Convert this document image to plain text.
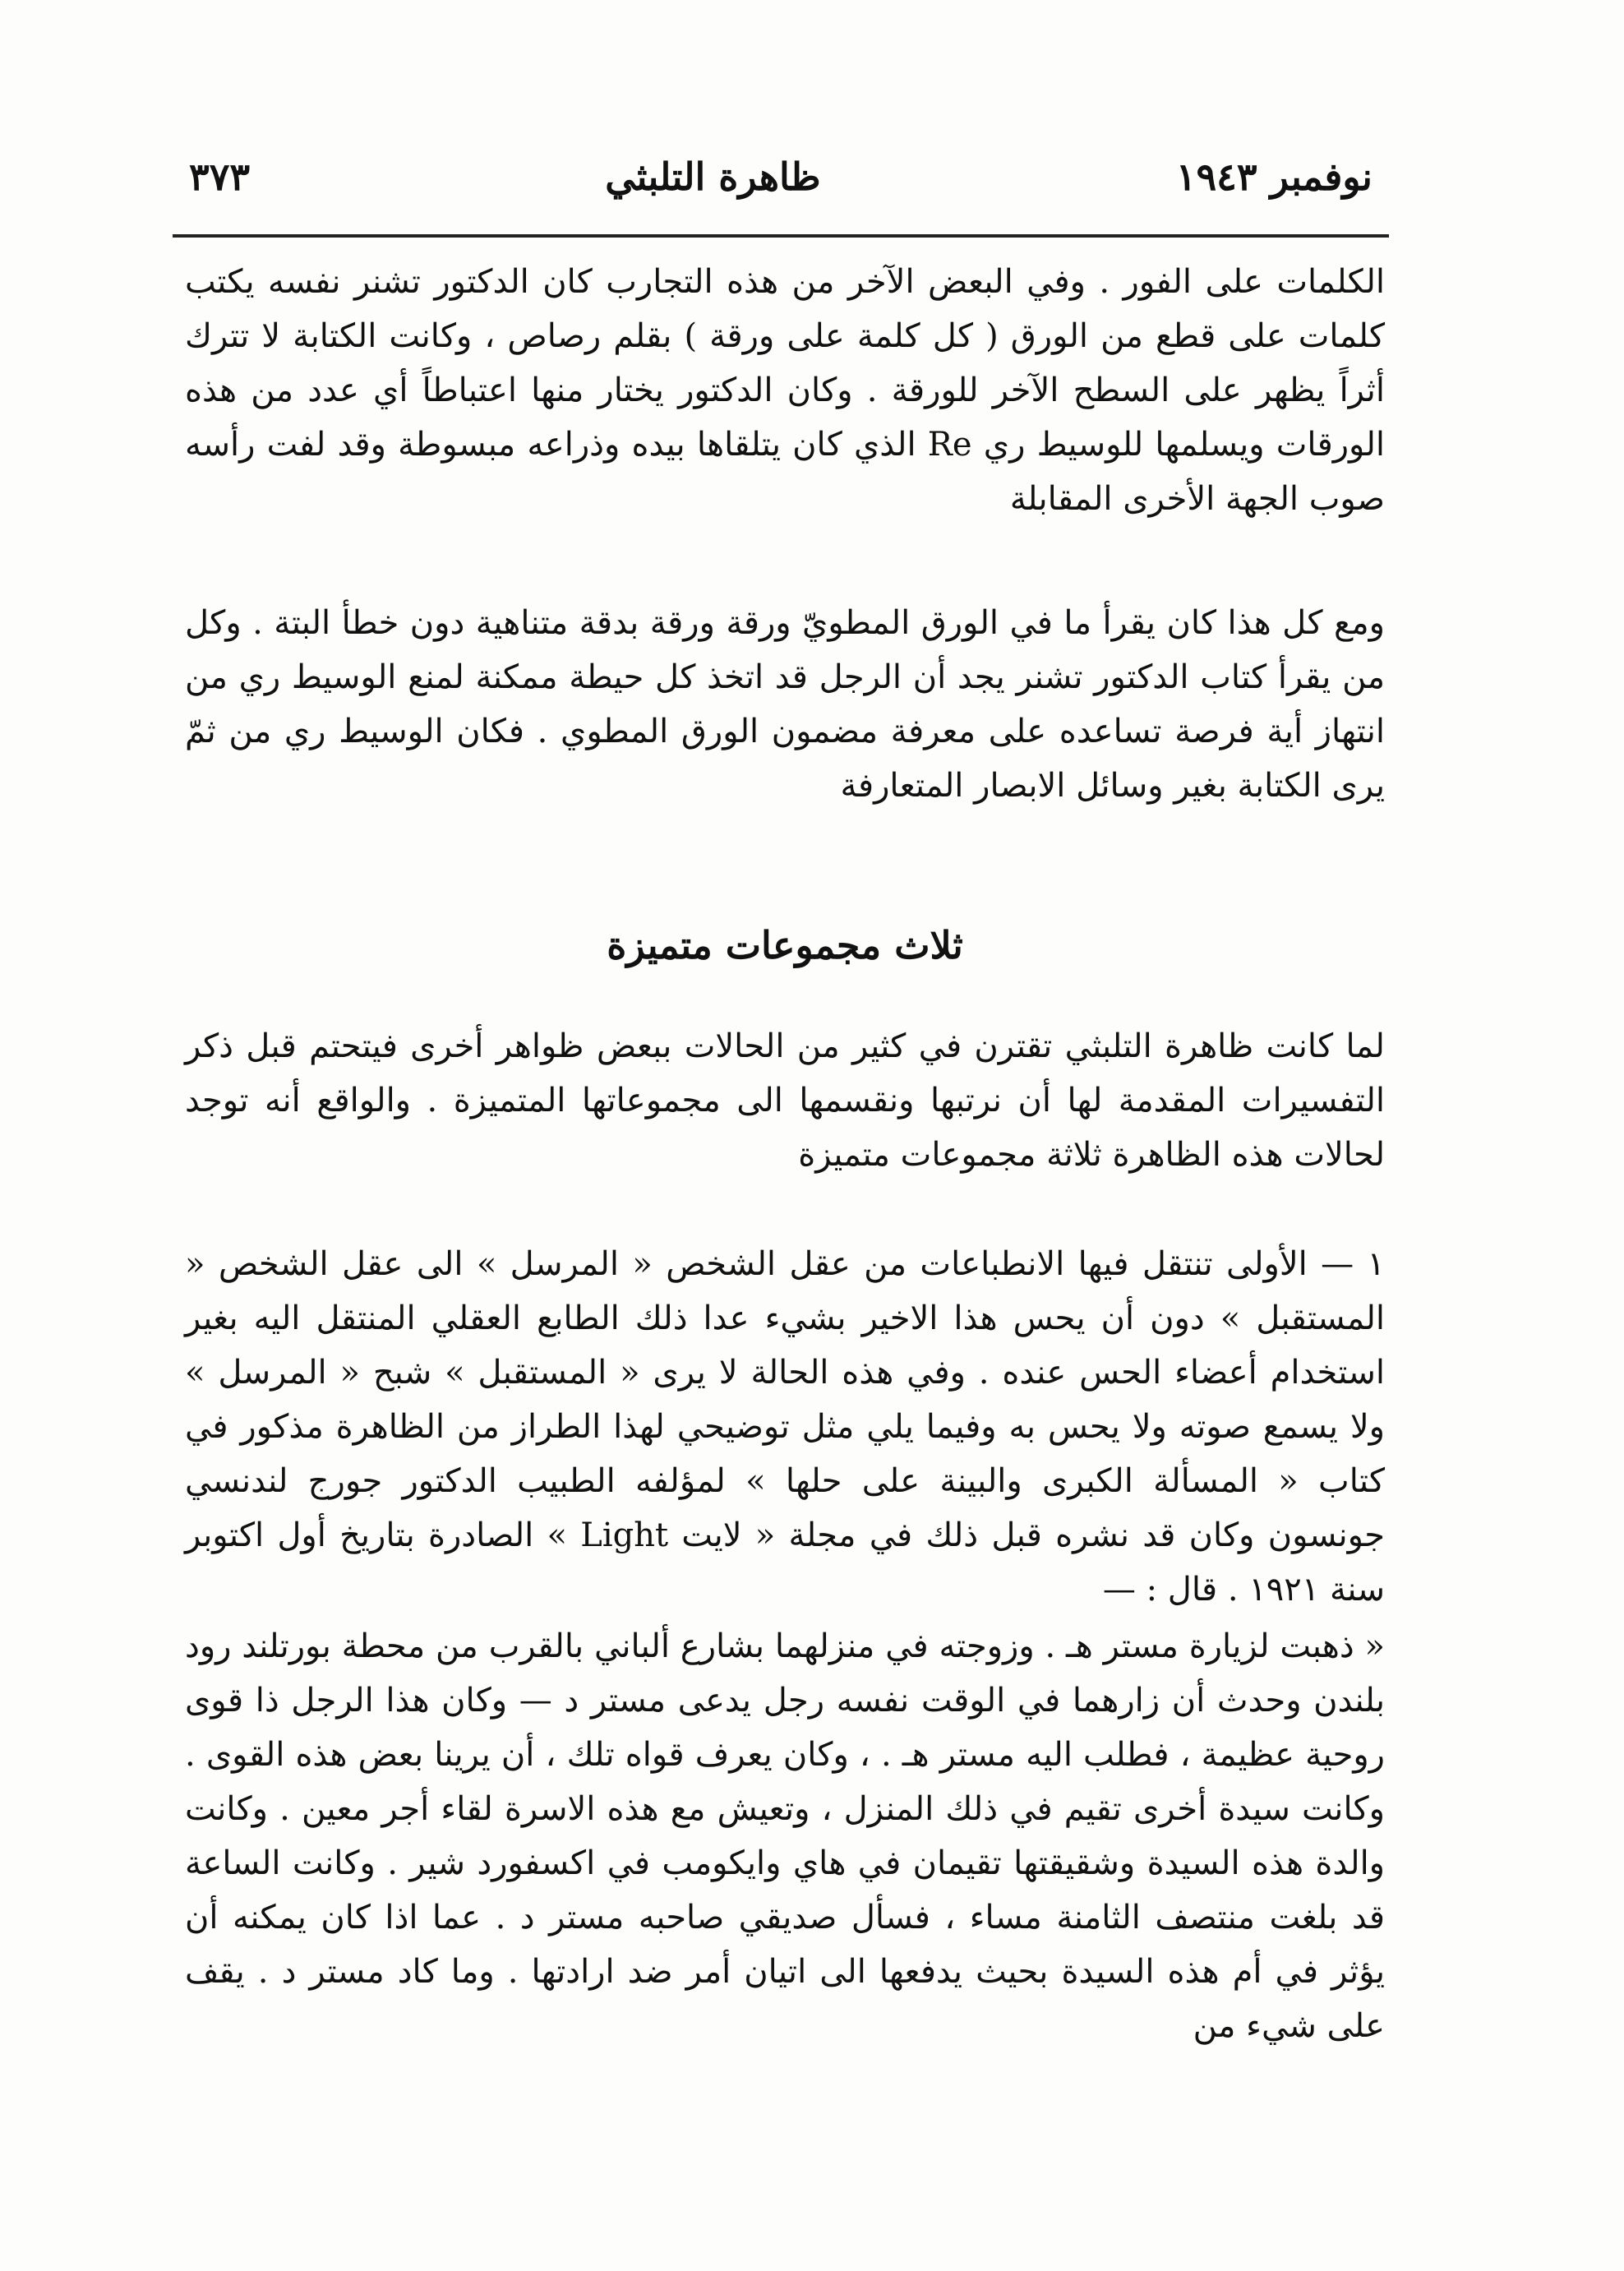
نوفمبر ١٩٤٣
ظاهرة التلبثي
٣٧٣

الكلمات على الفور . وفي البعض الآخر من هذه التجارب كان الدكتور تشنر نفسه يكتب كلمات على قطع من الورق ( كل كلمة على ورقة ) بقلم رصاص ، وكانت الكتابة لا تترك أثراً يظهر على السطح الآخر للورقة . وكان الدكتور يختار منها اعتباطاً أي عدد من هذه الورقات ويسلمها للوسيط ري Re الذي كان يتلقاها بيده وذراعه مبسوطة وقد لفت رأسه صوب الجهة الأخرى المقابلة

ومع كل هذا كان يقرأ ما في الورق المطويّ ورقة ورقة بدقة متناهية دون خطأ البتة . وكل من يقرأ كتاب الدكتور تشنر يجد أن الرجل قد اتخذ كل حيطة ممكنة لمنع الوسيط ري من انتهاز أية فرصة تساعده على معرفة مضمون الورق المطوي . فكان الوسيط ري من ثمّ يرى الكتابة بغير وسائل الابصار المتعارفة

ثلاث مجموعات متميزة

لما كانت ظاهرة التلبثي تقترن في كثير من الحالات ببعض ظواهر أخرى فيتحتم قبل ذكر التفسيرات المقدمة لها أن نرتبها ونقسمها الى مجموعاتها المتميزة . والواقع أنه توجد لحالات هذه الظاهرة ثلاثة مجموعات متميزة

١ — الأولى تنتقل فيها الانطباعات من عقل الشخص « المرسل » الى عقل الشخص « المستقبل » دون أن يحس هذا الاخير بشيء عدا ذلك الطابع العقلي المنتقل اليه بغير استخدام أعضاء الحس عنده . وفي هذه الحالة لا يرى « المستقبل » شبح « المرسل » ولا يسمع صوته ولا يحس به وفيما يلي مثل توضيحي لهذا الطراز من الظاهرة مذكور في كتاب « المسألة الكبرى والبينة على حلها » لمؤلفه الطبيب الدكتور جورج لندنسي جونسون وكان قد نشره قبل ذلك في مجلة « لايت Light » الصادرة بتاريخ أول اكتوبر سنة ١٩٢١ . قال : —

« ذهبت لزيارة مستر هـ . وزوجته في منزلهما بشارع ألباني بالقرب من محطة بورتلند رود بلندن وحدث أن زارهما في الوقت نفسه رجل يدعى مستر د — وكان هذا الرجل ذا قوى روحية عظيمة ، فطلب اليه مستر هـ . ، وكان يعرف قواه تلك ، أن يرينا بعض هذه القوى . وكانت سيدة أخرى تقيم في ذلك المنزل ، وتعيش مع هذه الاسرة لقاء أجر معين . وكانت والدة هذه السيدة وشقيقتها تقيمان في هاي وايكومب في اكسفورد شير . وكانت الساعة قد بلغت منتصف الثامنة مساء ، فسأل صديقي صاحبه مستر د . عما اذا كان يمكنه أن يؤثر في أم هذه السيدة بحيث يدفعها الى اتيان أمر ضد ارادتها . وما كاد مستر د . يقف على شيء من
